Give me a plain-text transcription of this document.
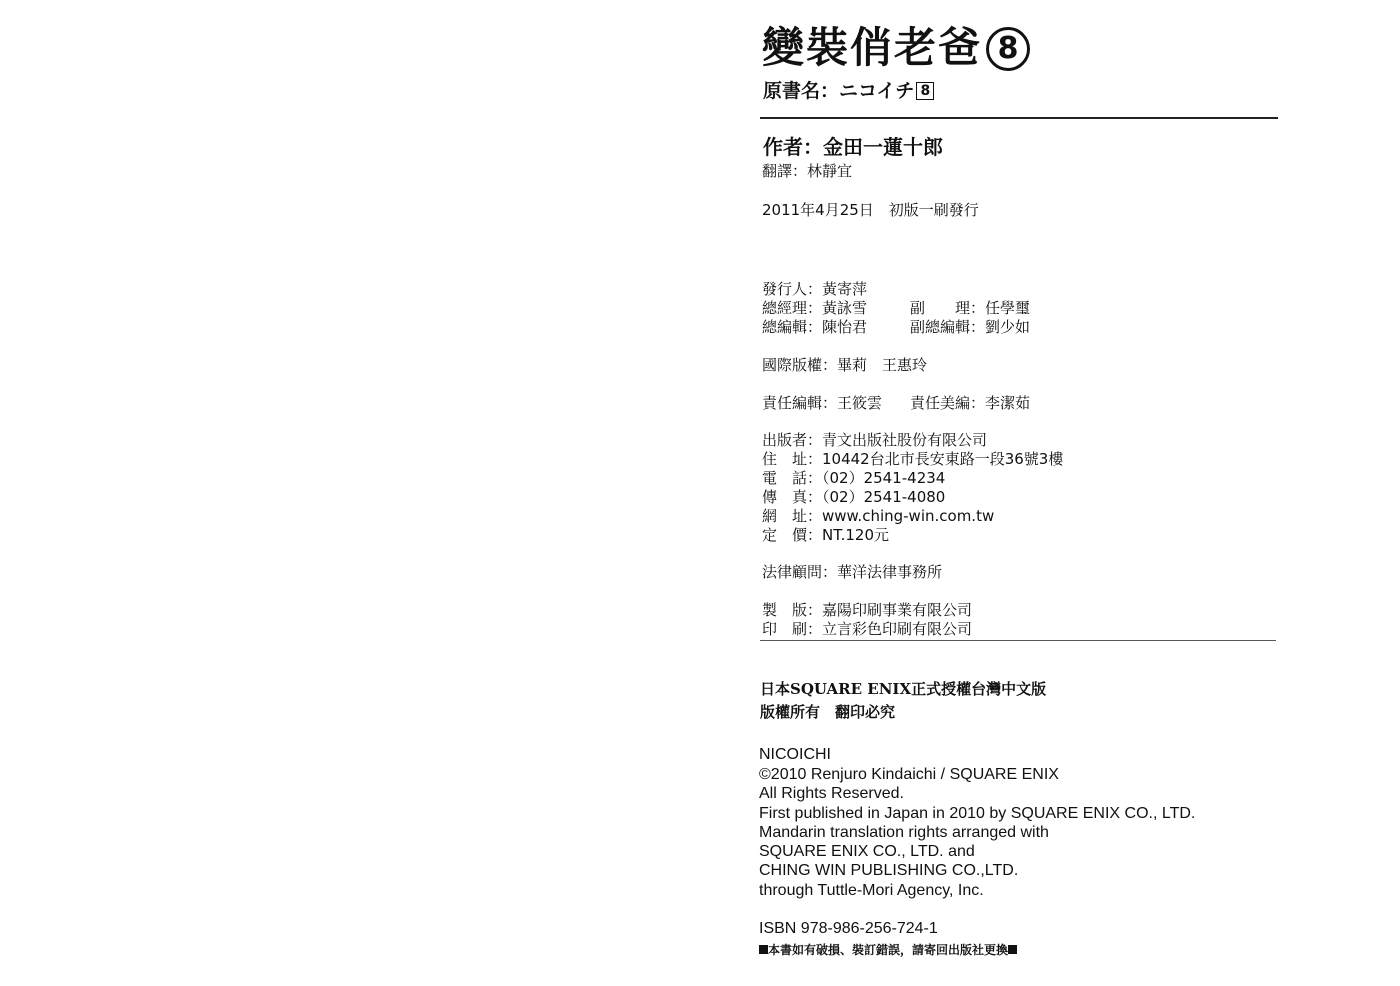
變裝俏老爸 8
原書名：ニコイチ 8
作者：金田一蓮十郎
翻譯：林靜宜
2011年4月25日　初版一刷發行
發行人：黃寄萍
總經理：黃詠雪	副　　理：任學璽
總編輯：陳怡君	副總編輯：劉少如
國際版權：畢莉　王惠玲
責任編輯：王筱雲 責任美編：李潔茹
出版者：青文出版社股份有限公司
住　址：10442台北市長安東路一段36號3樓
電　話：（02）2541-4234
傳　真：（02）2541-4080
網　址：www.ching-win.com.tw
定　價：NT.120元
法律顧問：華洋法律事務所
製　版：嘉陽印刷事業有限公司
印　刷：立言彩色印刷有限公司
日本SQUARE ENIX正式授權台灣中文版
版權所有　翻印必究
NICOICHI
©2010 Renjuro Kindaichi / SQUARE ENIX
All Rights Reserved.
First published in Japan in 2010 by SQUARE ENIX CO., LTD.
Mandarin translation rights arranged with
SQUARE ENIX CO., LTD. and
CHING WIN PUBLISHING CO.,LTD.
through Tuttle-Mori Agency, Inc.
ISBN 978-986-256-724-1
本書如有破損、裝訂錯誤，請寄回出版社更換
